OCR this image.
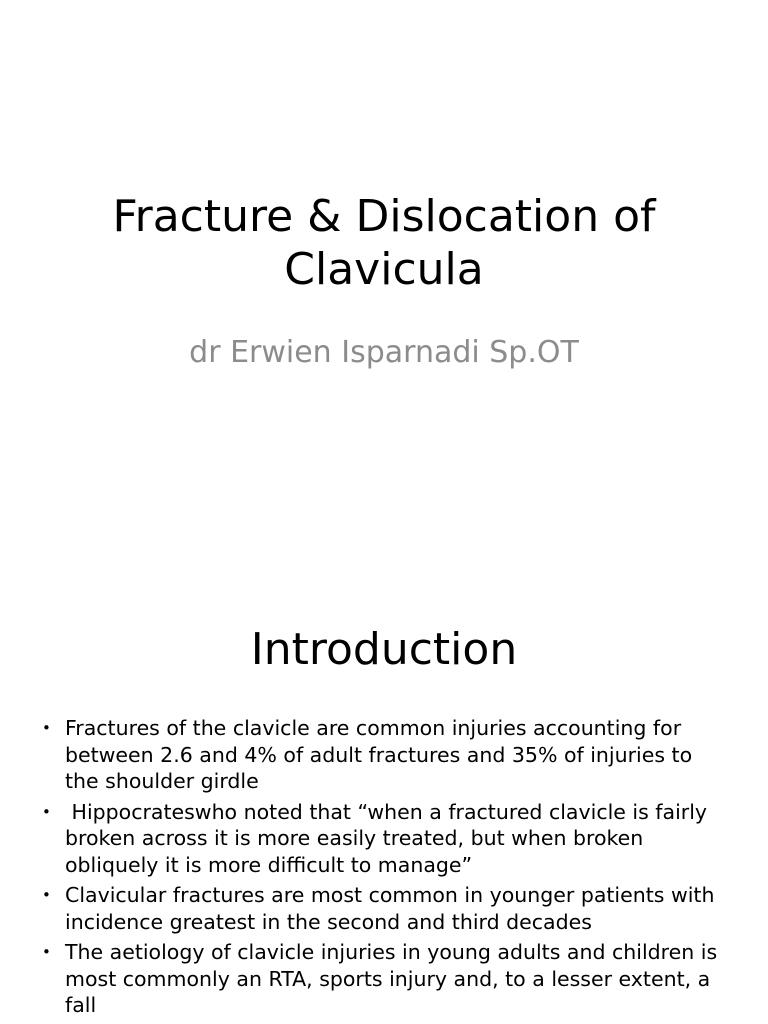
Fracture & Dislocation of
Clavicula
dr Erwien Isparnadi Sp.OT
Introduction
• Fractures of the clavicle are common injuries accounting for between 2.6 and 4% of adult fractures and 35% of injuries to the shoulder girdle
• Hippocrateswho noted that “when a fractured clavicle is fairly broken across it is more easily treated, but when broken obliquely it is more difficult to manage”
• Clavicular fractures are most common in younger patients with incidence greatest in the second and third decades
• The aetiology of clavicle injuries in young adults and children is most commonly an RTA, sports injury and, to a lesser extent, a fall
